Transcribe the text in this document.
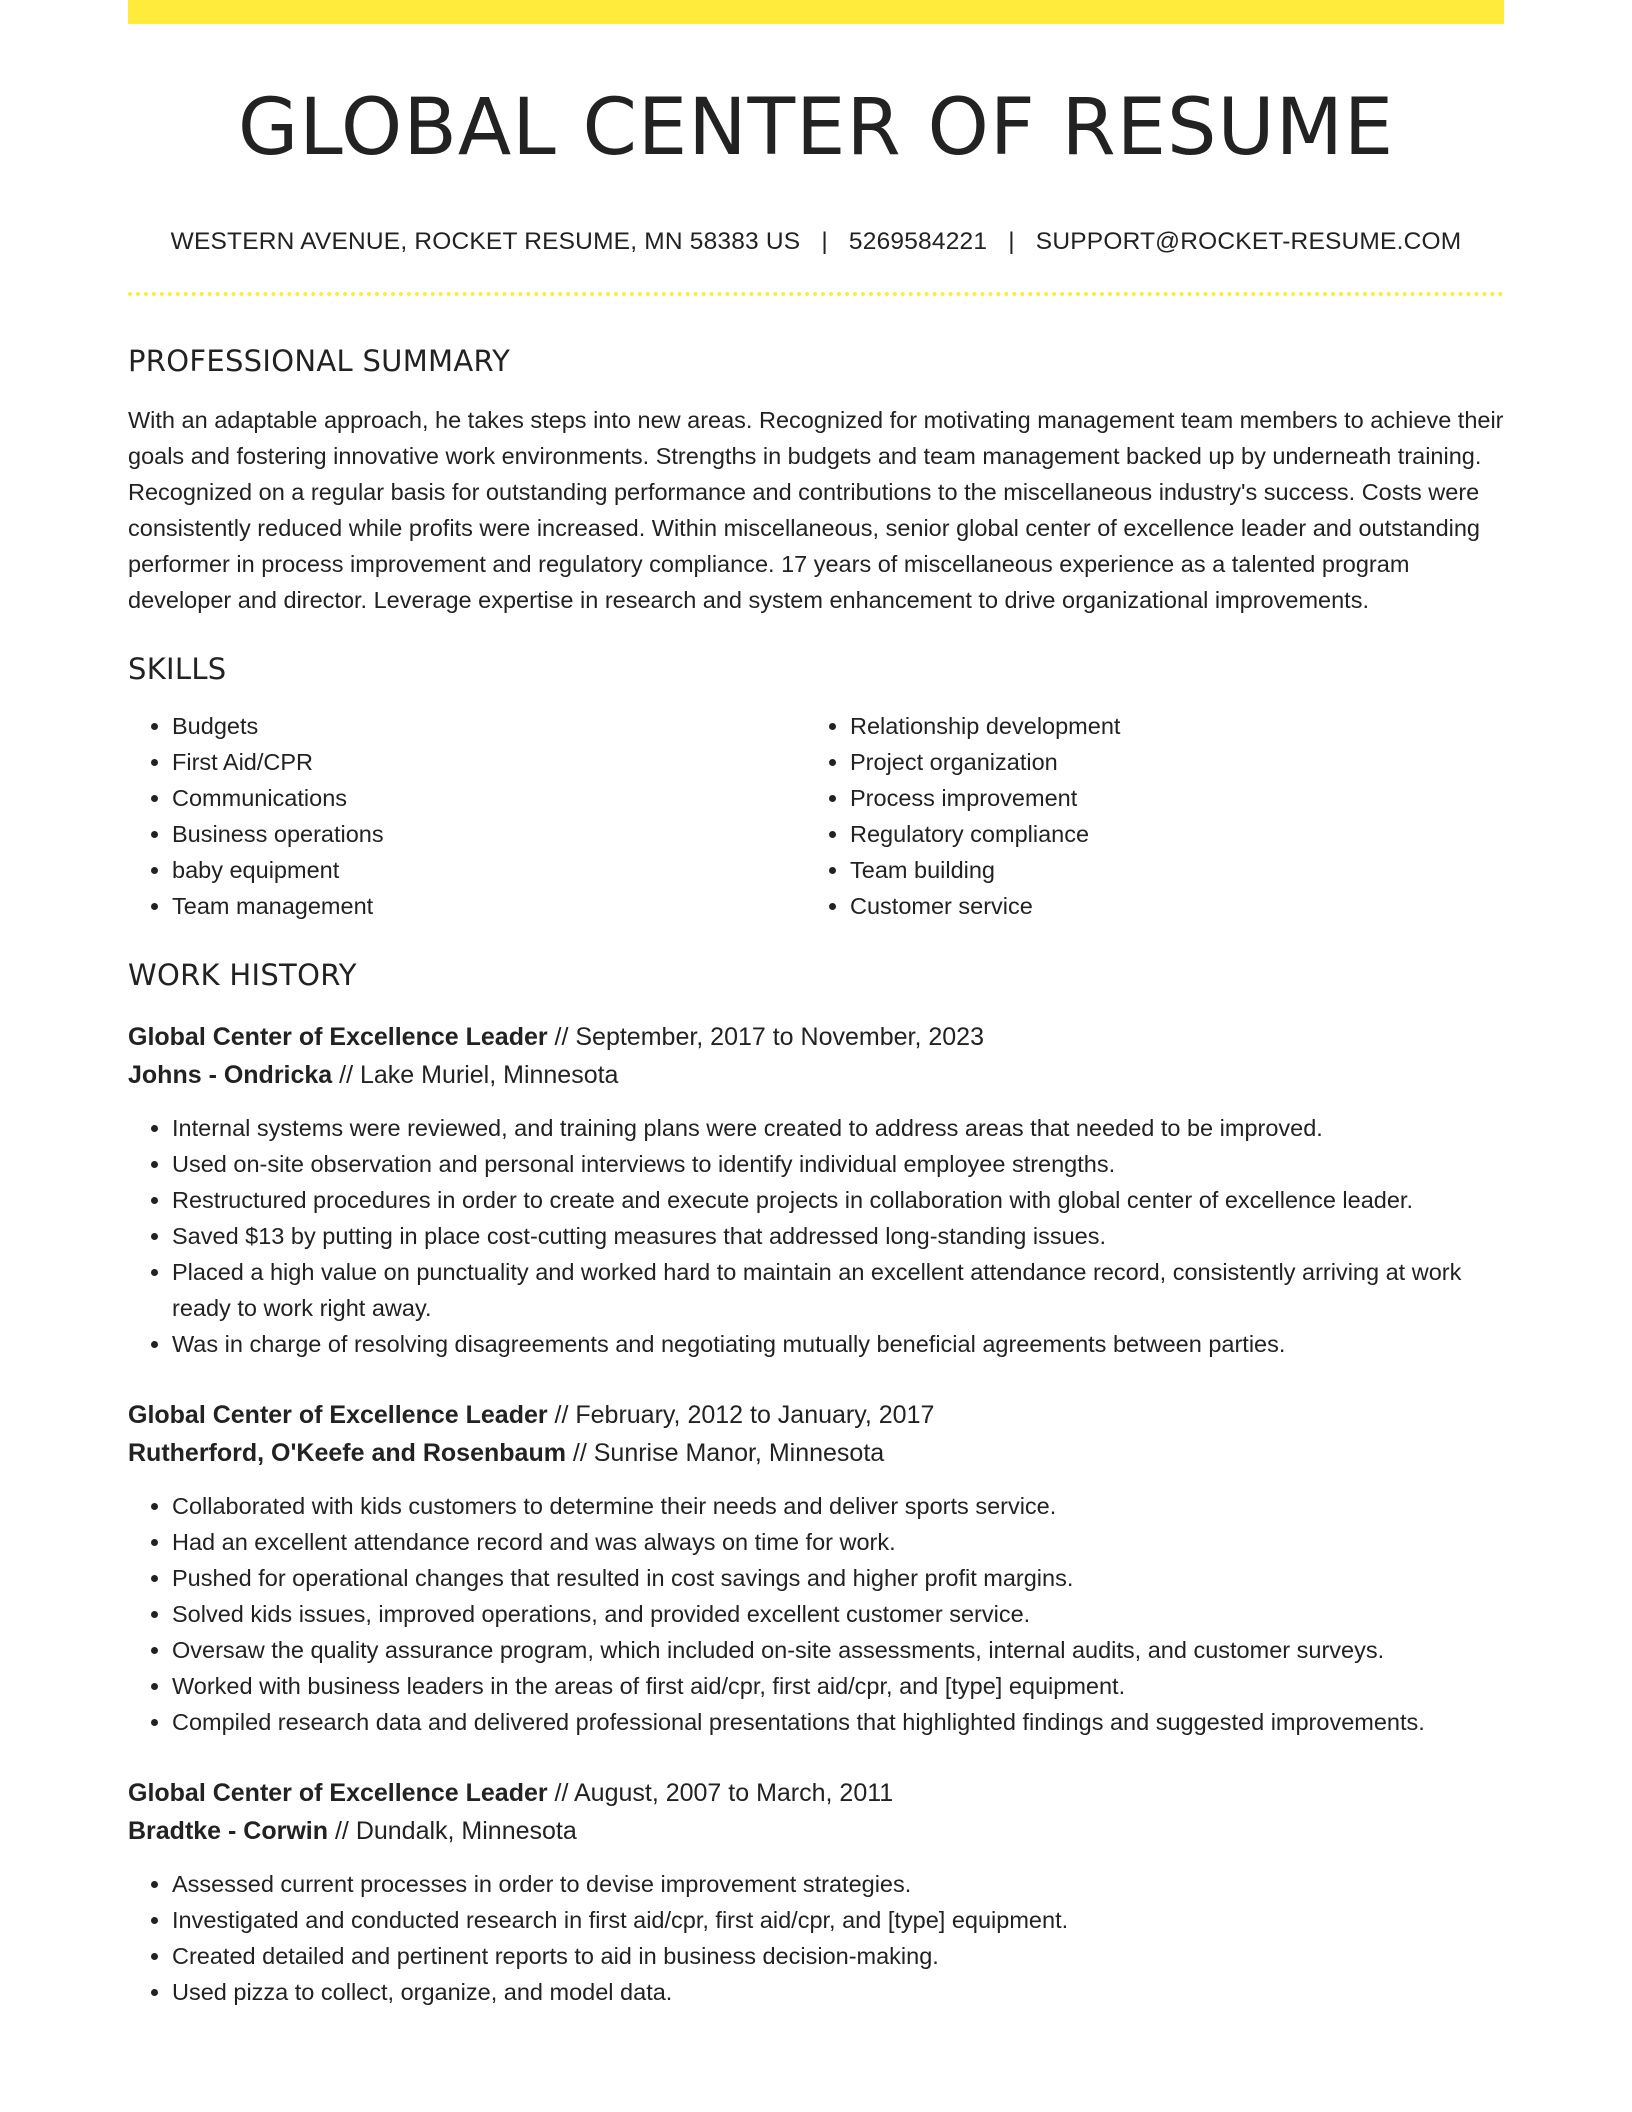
GLOBAL CENTER OF RESUME
WESTERN AVENUE, ROCKET RESUME, MN 58383 US | 5269584221 | SUPPORT@ROCKET-RESUME.COM
PROFESSIONAL SUMMARY

With an adaptable approach, he takes steps into new areas. Recognized for motivating management team members to achieve their goals and fostering innovative work environments. Strengths in budgets and team management backed up by underneath training. Recognized on a regular basis for outstanding performance and contributions to the miscellaneous industry's success. Costs were consistently reduced while profits were increased. Within miscellaneous, senior global center of excellence leader and outstanding performer in process improvement and regulatory compliance. 17 years of miscellaneous experience as a talented program developer and director. Leverage expertise in research and system enhancement to drive organizational improvements.

SKILLS
• Budgets
• First Aid/CPR
• Communications
• Business operations
• baby equipment
• Team management
• Relationship development
• Project organization
• Process improvement
• Regulatory compliance
• Team building
• Customer service
WORK HISTORY
Global Center of Excellence Leader // September, 2017 to November, 2023
Johns - Ondricka // Lake Muriel, Minnesota
• Internal systems were reviewed, and training plans were created to address areas that needed to be improved.
• Used on-site observation and personal interviews to identify individual employee strengths.
• Restructured procedures in order to create and execute projects in collaboration with global center of excellence leader.
• Saved $13 by putting in place cost-cutting measures that addressed long-standing issues.
• Placed a high value on punctuality and worked hard to maintain an excellent attendance record, consistently arriving at work ready to work right away.
• Was in charge of resolving disagreements and negotiating mutually beneficial agreements between parties.
Global Center of Excellence Leader // February, 2012 to January, 2017
Rutherford, O'Keefe and Rosenbaum // Sunrise Manor, Minnesota
• Collaborated with kids customers to determine their needs and deliver sports service.
• Had an excellent attendance record and was always on time for work.
• Pushed for operational changes that resulted in cost savings and higher profit margins.
• Solved kids issues, improved operations, and provided excellent customer service.
• Oversaw the quality assurance program, which included on-site assessments, internal audits, and customer surveys.
• Worked with business leaders in the areas of first aid/cpr, first aid/cpr, and [type] equipment.
• Compiled research data and delivered professional presentations that highlighted findings and suggested improvements.
Global Center of Excellence Leader // August, 2007 to March, 2011
Bradtke - Corwin // Dundalk, Minnesota
• Assessed current processes in order to devise improvement strategies.
• Investigated and conducted research in first aid/cpr, first aid/cpr, and [type] equipment.
• Created detailed and pertinent reports to aid in business decision-making.
• Used pizza to collect, organize, and model data.
